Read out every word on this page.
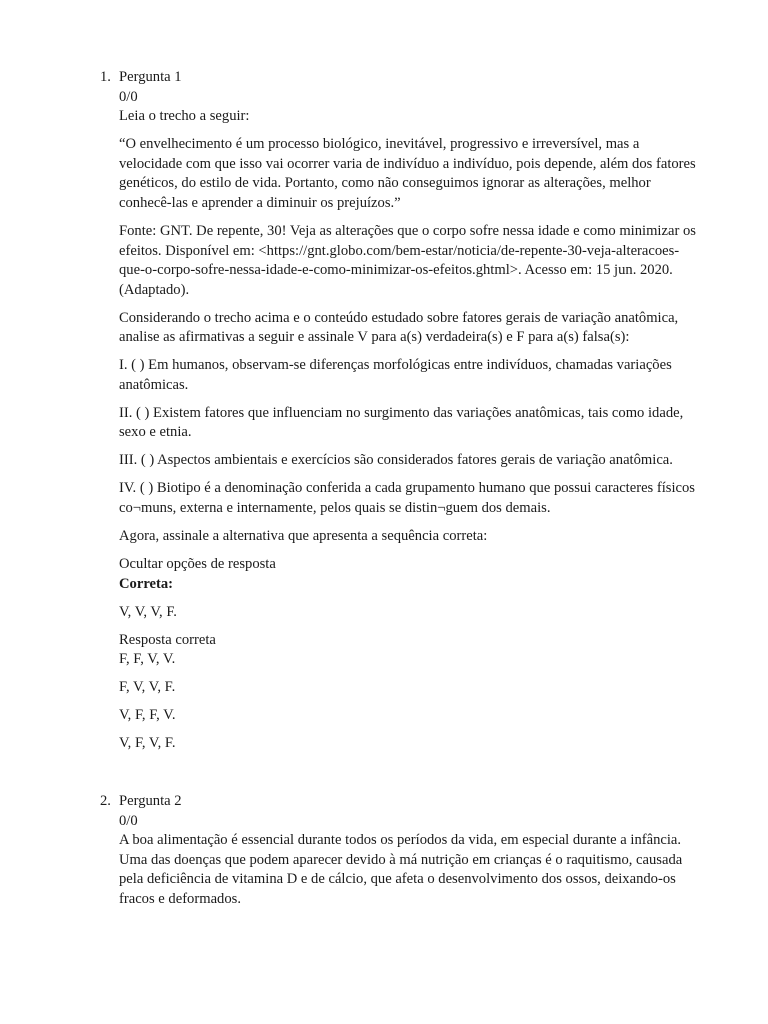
1. Pergunta 1
0/0
Leia o trecho a seguir:
“O envelhecimento é um processo biológico, inevitável, progressivo e irreversível, mas a velocidade com que isso vai ocorrer varia de indivíduo a indivíduo, pois depende, além dos fatores genéticos, do estilo de vida. Portanto, como não conseguimos ignorar as alterações, melhor conhecê-las e aprender a diminuir os prejuízos.”
Fonte: GNT. De repente, 30! Veja as alterações que o corpo sofre nessa idade e como minimizar os efeitos. Disponível em: <https://gnt.globo.com/bem-estar/noticia/de-repente-30-veja-alteracoes-que-o-corpo-sofre-nessa-idade-e-como-minimizar-os-efeitos.ghtml>. Acesso em: 15 jun. 2020. (Adaptado).
Considerando o trecho acima e o conteúdo estudado sobre fatores gerais de variação anatômica, analise as afirmativas a seguir e assinale V para a(s) verdadeira(s) e F para a(s) falsa(s):
I. ( ) Em humanos, observam-se diferenças morfológicas entre indivíduos, chamadas variações anatômicas.
II. ( ) Existem fatores que influenciam no surgimento das variações anatômicas, tais como idade, sexo e etnia.
III. ( ) Aspectos ambientais e exercícios são considerados fatores gerais de variação anatômica.
IV. ( ) Biotipo é a denominação conferida a cada grupamento humano que possui caracteres físicos co¬muns, externa e internamente, pelos quais se distin¬guem dos demais.
Agora, assinale a alternativa que apresenta a sequência correta:
Ocultar opções de resposta
Correta:
V, V, V, F.
Resposta correta
F, F, V, V.
F, V, V, F.
V, F, F, V.
V, F, V, F.
2. Pergunta 2
0/0
A boa alimentação é essencial durante todos os períodos da vida, em especial durante a infância. Uma das doenças que podem aparecer devido à má nutrição em crianças é o raquitismo, causada pela deficiência de vitamina D e de cálcio, que afeta o desenvolvimento dos ossos, deixando-os fracos e deformados.
